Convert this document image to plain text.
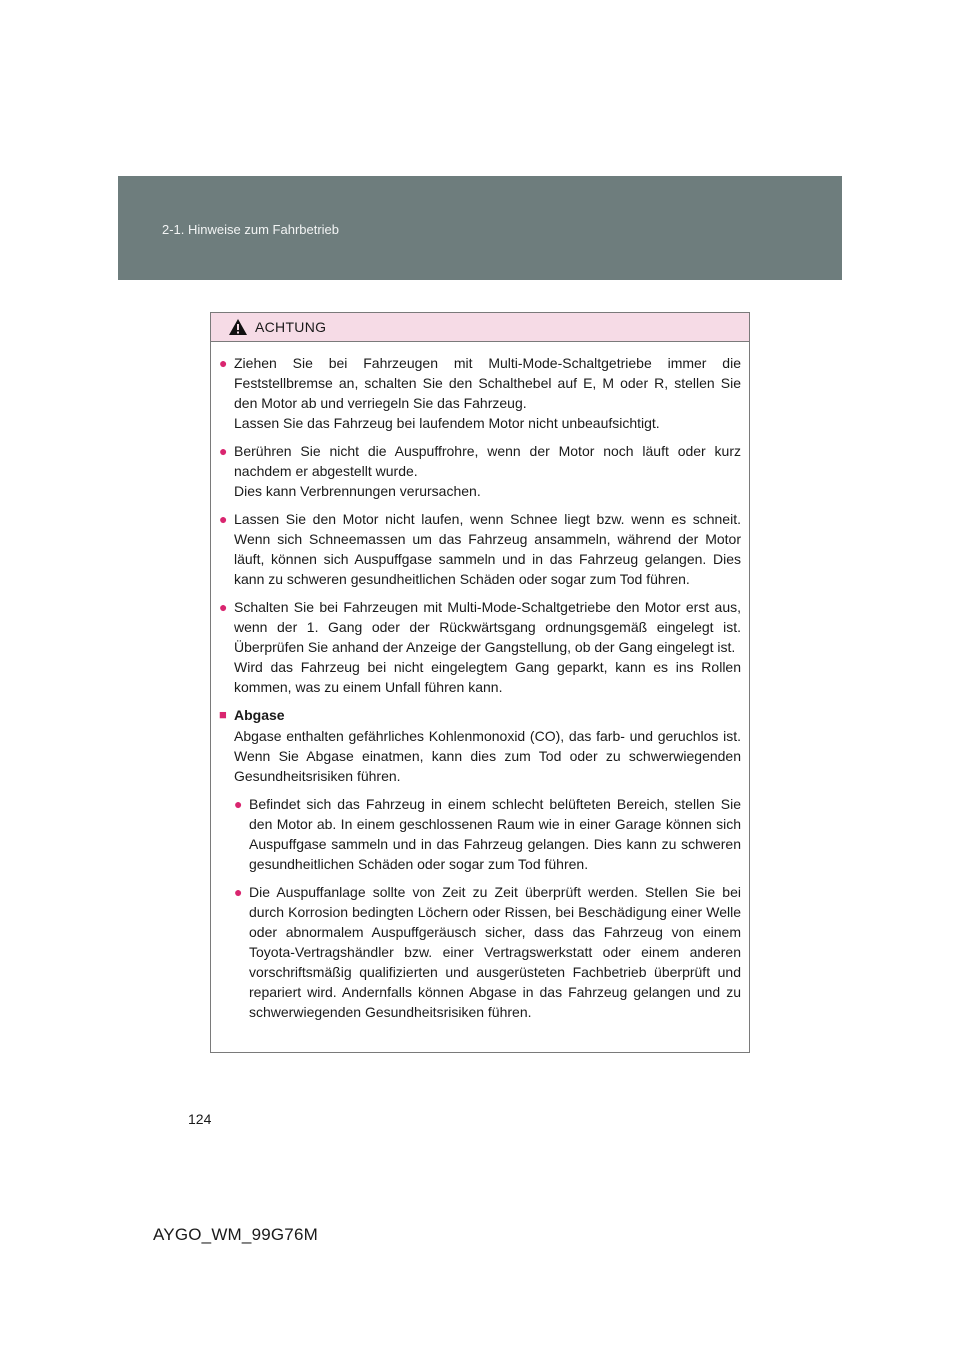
2-1. Hinweise zum Fahrbetrieb
ACHTUNG
● Ziehen Sie bei Fahrzeugen mit Multi-Mode-Schaltgetriebe immer die Feststellbremse an, schalten Sie den Schalthebel auf E, M oder R, stellen Sie den Motor ab und verriegeln Sie das Fahrzeug.

Lassen Sie das Fahrzeug bei laufendem Motor nicht unbeaufsichtigt.

● Berühren Sie nicht die Auspuffrohre, wenn der Motor noch läuft oder kurz nachdem er abgestellt wurde.

Dies kann Verbrennungen verursachen.

● Lassen Sie den Motor nicht laufen, wenn Schnee liegt bzw. wenn es schneit. Wenn sich Schneemassen um das Fahrzeug ansammeln, während der Motor läuft, können sich Auspuffgase sammeln und in das Fahrzeug gelangen. Dies kann zu schweren gesundheitlichen Schäden oder sogar zum Tod führen.

● Schalten Sie bei Fahrzeugen mit Multi-Mode-Schaltgetriebe den Motor erst aus, wenn der 1. Gang oder der Rückwärtsgang ordnungsgemäß eingelegt ist. Überprüfen Sie anhand der Anzeige der Gangstellung, ob der Gang eingelegt ist.

Wird das Fahrzeug bei nicht eingelegtem Gang geparkt, kann es ins Rollen kommen, was zu einem Unfall führen kann.

■ Abgase

Abgase enthalten gefährliches Kohlenmonoxid (CO), das farb- und geruchlos ist. Wenn Sie Abgase einatmen, kann dies zum Tod oder zu schwerwiegenden Gesundheitsrisiken führen.

● Befindet sich das Fahrzeug in einem schlecht belüfteten Bereich, stellen Sie den Motor ab. In einem geschlossenen Raum wie in einer Garage können sich Auspuffgase sammeln und in das Fahrzeug gelangen. Dies kann zu schweren gesundheitlichen Schäden oder sogar zum Tod führen.

● Die Auspuffanlage sollte von Zeit zu Zeit überprüft werden. Stellen Sie bei durch Korrosion bedingten Löchern oder Rissen, bei Beschädigung einer Welle oder abnormalem Auspuffgeräusch sicher, dass das Fahrzeug von einem Toyota-Vertragshändler bzw. einer Vertragswerkstatt oder einem anderen vorschriftsmäßig qualifizierten und ausgerüsteten Fachbetrieb überprüft und repariert wird. Andernfalls können Abgase in das Fahrzeug gelangen und zu schwerwiegenden Gesundheitsrisiken führen.

124
AYGO_WM_99G76M
